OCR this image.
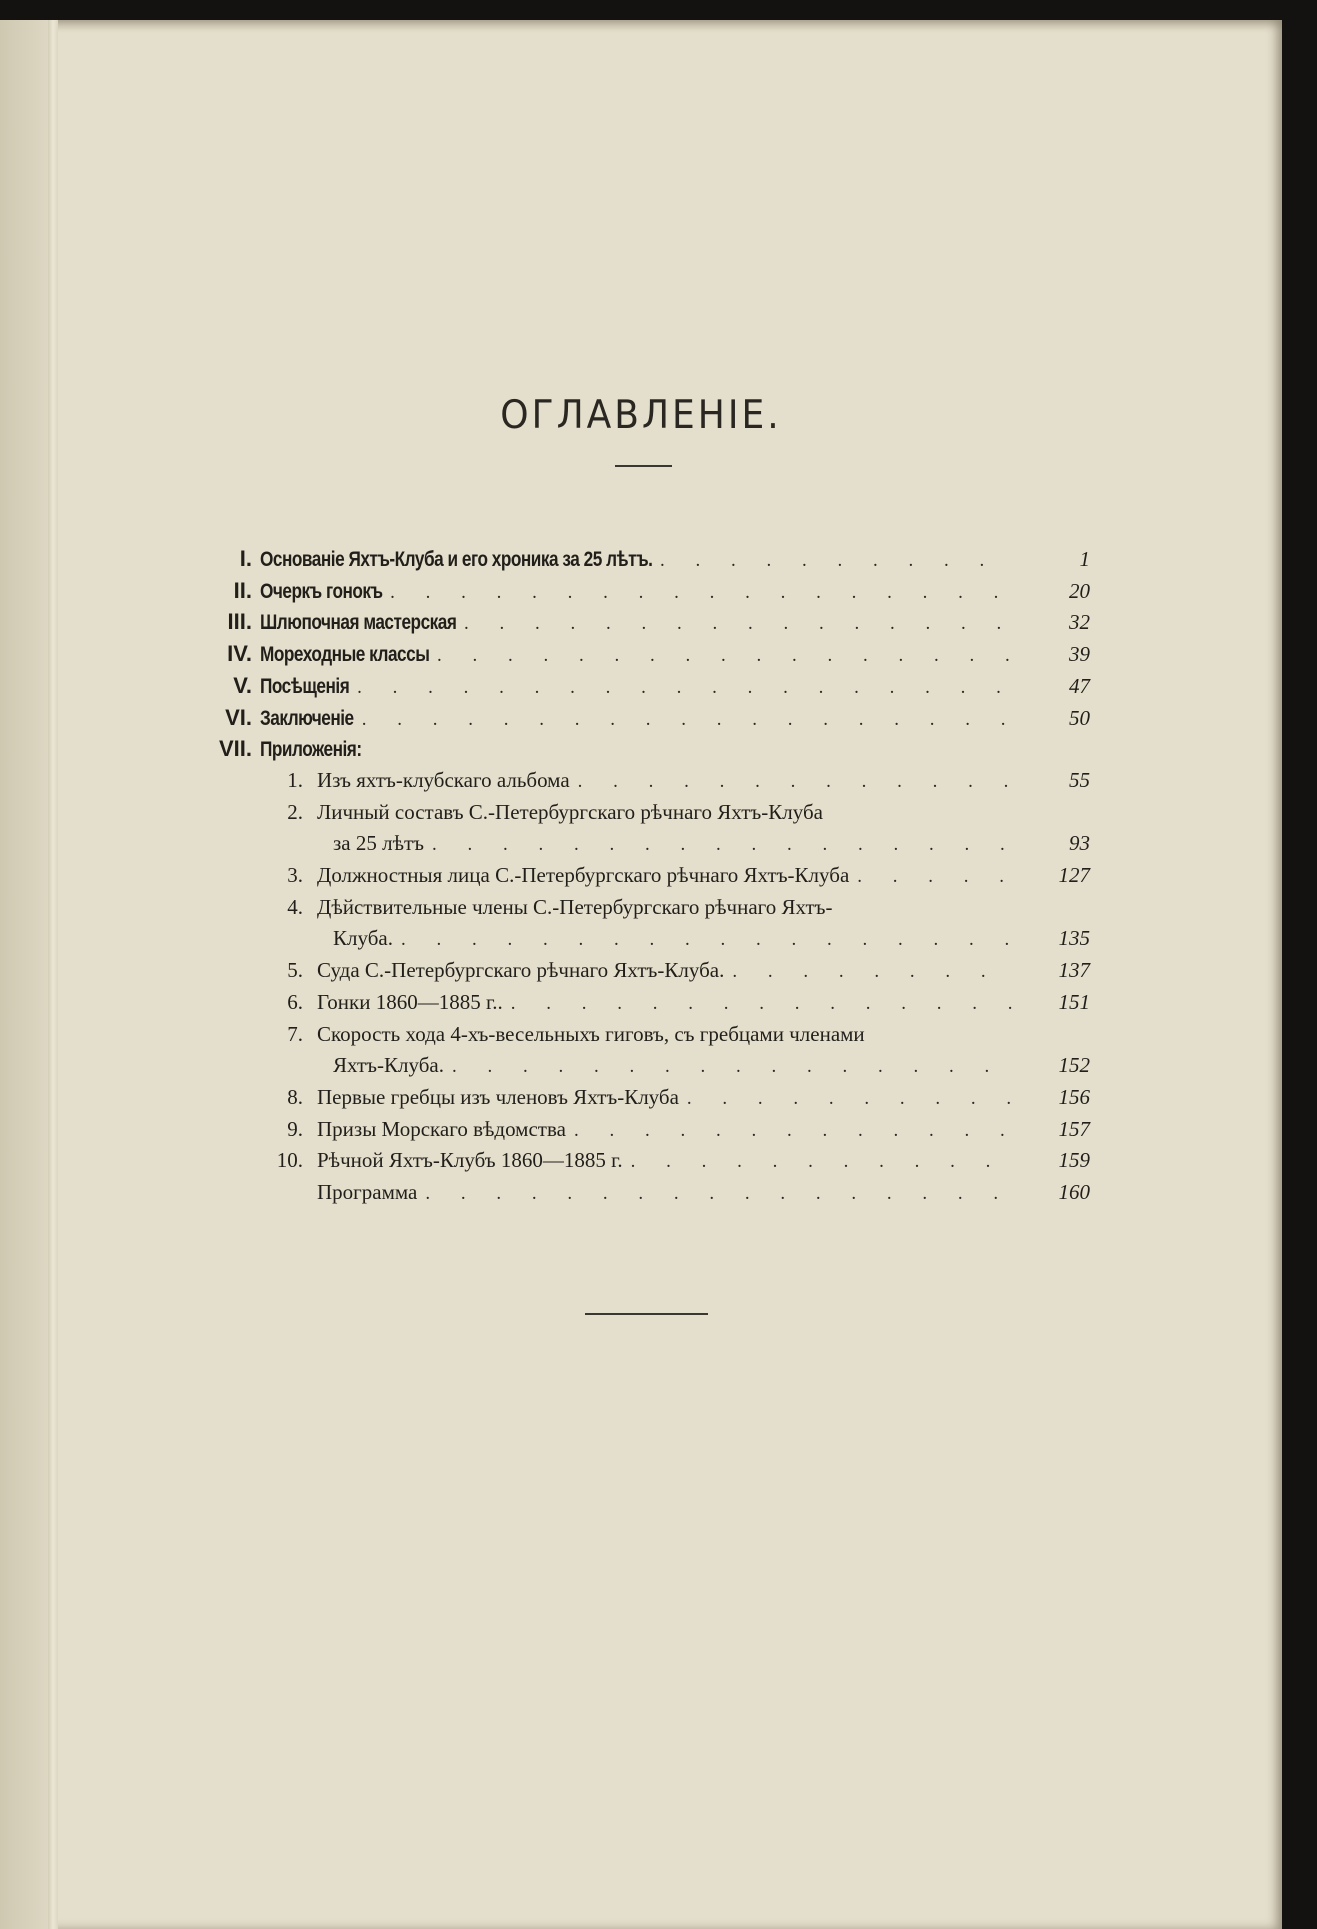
ОГЛАВЛЕНІЕ.
I. Основаніе Яхтъ-Клуба и его хроника за 25 лѣтъ. . . .	1
II. Очеркъ гонокъ . . .	20
III. Шлюпочная мастерская . . .	32
IV. Мореходные классы . . .	39
V. Посѣщенія . . .	47
VI. Заключеніе . . .	50
VII. Приложенія:
1. Изъ яхтъ-клубскаго альбома . . .	55
2. Личный составъ С.-Петербургскаго рѣчнаго Яхтъ-Клуба
за 25 лѣтъ . . .	93
3. Должностныя лица С.-Петербургскаго рѣчнаго Яхтъ-Клуба . . .	127
4. Дѣйствительные члены С.-Петербургскаго рѣчнаго Яхтъ-
Клуба. . . .	135
5. Суда С.-Петербургскаго рѣчнаго Яхтъ-Клуба. . . .	137
6. Гонки 1860—1885 г.. . . .	151
7. Скорость хода 4-хъ-весельныхъ гиговъ, съ гребцами членами
Яхтъ-Клуба. . . .	152
8. Первые гребцы изъ членовъ Яхтъ-Клуба . . .	156
9. Призы Морскаго вѣдомства . . .	157
10. Рѣчной Яхтъ-Клубъ 1860—1885 г. . . .	159
Программа . . .	160
